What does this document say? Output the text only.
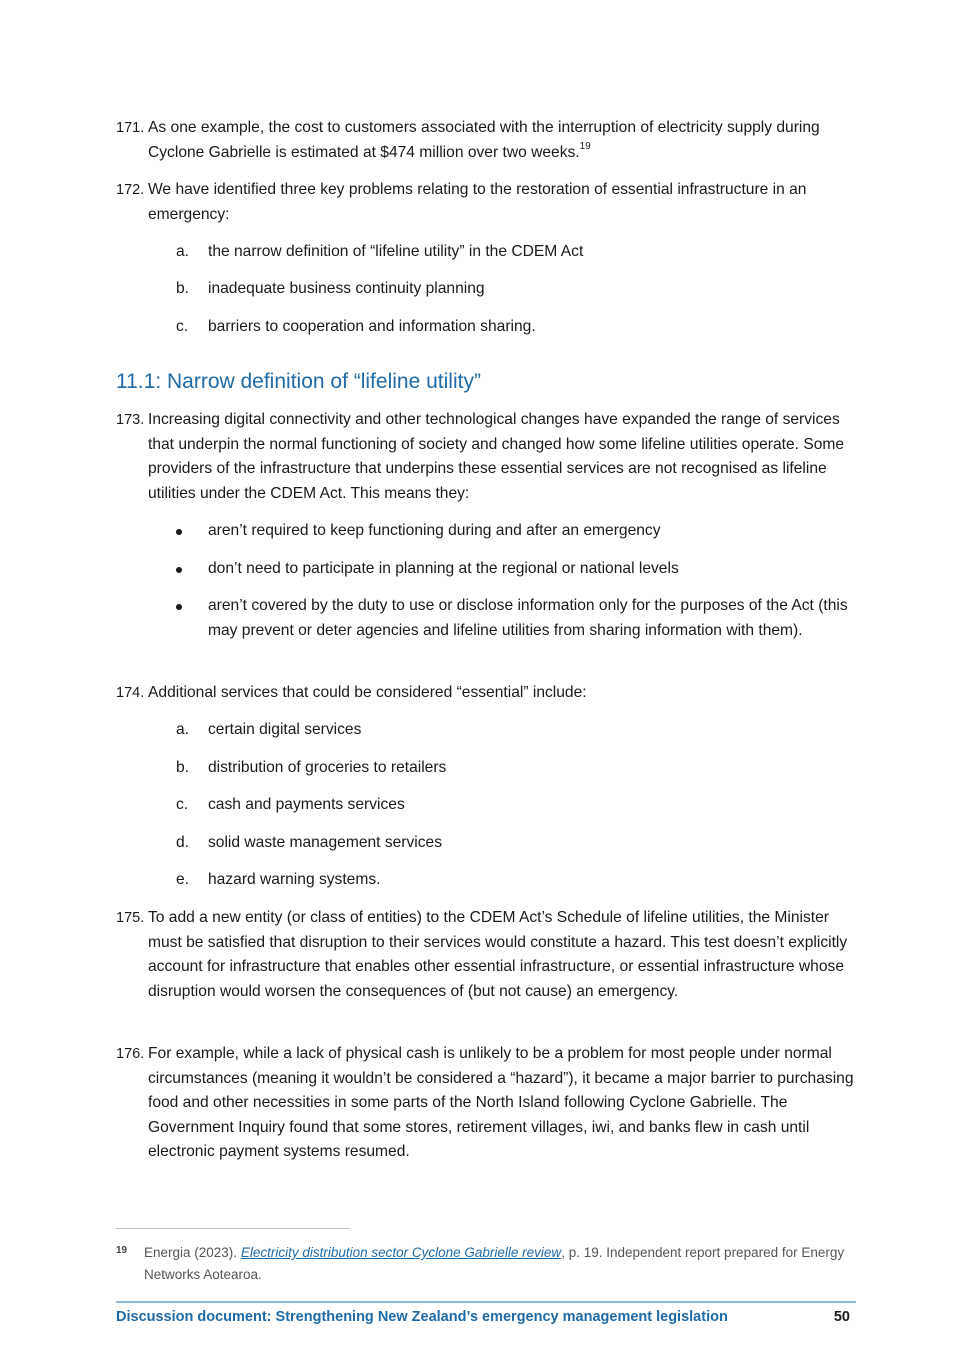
171. As one example, the cost to customers associated with the interruption of electricity supply during Cyclone Gabrielle is estimated at $474 million over two weeks.$^{19}$
172. We have identified three key problems relating to the restoration of essential infrastructure in an emergency:
a.	the narrow definition of “lifeline utility” in the CDEM Act
b.	inadequate business continuity planning
c.	barriers to cooperation and information sharing.
11.1: Narrow definition of “lifeline utility”
173. Increasing digital connectivity and other technological changes have expanded the range of services that underpin the normal functioning of society and changed how some lifeline utilities operate. Some providers of the infrastructure that underpins these essential services are not recognised as lifeline utilities under the CDEM Act. This means they:
aren’t required to keep functioning during and after an emergency
don’t need to participate in planning at the regional or national levels
aren’t covered by the duty to use or disclose information only for the purposes of the Act (this may prevent or deter agencies and lifeline utilities from sharing information with them).
174. Additional services that could be considered “essential” include:
a.	certain digital services
b.	distribution of groceries to retailers
c.	cash and payments services
d.	solid waste management services
e.	hazard warning systems.
175. To add a new entity (or class of entities) to the CDEM Act’s Schedule of lifeline utilities, the Minister must be satisfied that disruption to their services would constitute a hazard. This test doesn’t explicitly account for infrastructure that enables other essential infrastructure, or essential infrastructure whose disruption would worsen the consequences of (but not cause) an emergency.
176. For example, while a lack of physical cash is unlikely to be a problem for most people under normal circumstances (meaning it wouldn’t be considered a “hazard”), it became a major barrier to purchasing food and other necessities in some parts of the North Island following Cyclone Gabrielle. The Government Inquiry found that some stores, retirement villages, iwi, and banks flew in cash until electronic payment systems resumed.
19 Energia (2023). Electricity distribution sector Cyclone Gabrielle review, p. 19. Independent report prepared for Energy Networks Aotearoa.
Discussion document: Strengthening New Zealand’s emergency management legislation	50
